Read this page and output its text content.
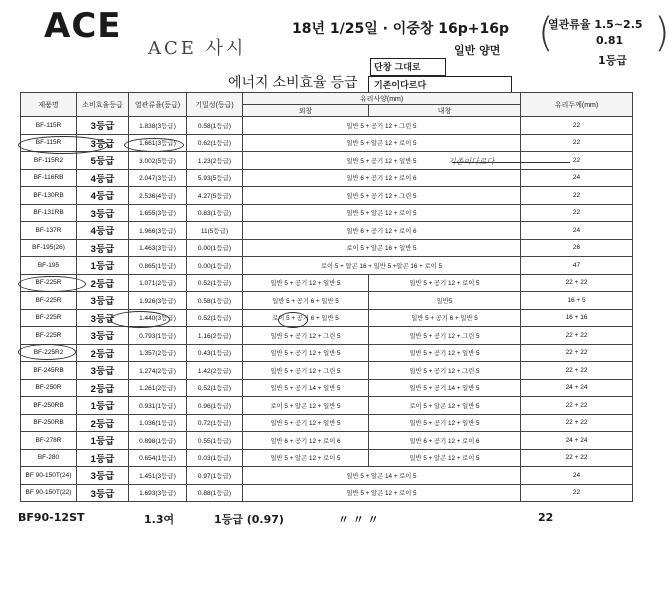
ACE
ACE 사시
18년 1/25일 · 이중창 16p+16p
일반 양면 (	)
열관류율 1.5~2.5
0.81
1등급
에너지 소비효율 등급
단창 그대로
기존이다르다
제품명	소비효율등급	열관류율(등급)	기밀성(등급)	유리사양(mm)		유리두께(mm)
				외창	내창	
BF-115R	3등급	1.838(3등급)	0.58(1등급)	일반 5 + 공기 12 + 그린 5		22
BF-115R	3등급	1.661(3등급)	0.62(1등급)	일반 5 + 알곤 12 + 로이 5		22
BF-115R2	5등급	3.002(5등급)	1.23(2등급)	일반 5 + 공기 12 + 일반 5		22
BF-116RB	4등급	2.047(3등급)	5.93(5등급)	일반 6 + 공기 12 + 로이 6		24
BF-130RB	4등급	2.536(4등급)	4.27(5등급)	일반 5 + 공기 12 + 그린 5		22
BF-131RB	3등급	1.655(3등급)	0.83(1등급)	일반 5 + 알곤 12 + 로이 5		22
BF-137R	4등급	1.966(3등급)	11(5등급)	일반 6 + 공기 12 + 로이 6		24
BF-195(26)	3등급	1.463(3등급)	0.00(1등급)	로이 5 + 알곤 16 + 일반 5		26
BF-195	1등급	0.865(1등급)	0.00(1등급)	로이 5 + 알곤 16 + 일반 5 +알곤 16 + 로이 5		47
BF-225R	2등급	1.071(2등급)	0.52(1등급)	일반 5 + 공기 12 + 일반 5	일반 5 + 공기 12 + 로이 5	22 + 22
BF-225R	3등급	1.926(3등급)	0.58(1등급)	일반 5 + 공기 6 + 일반 5	일반5	16 + 5
BF-225R	3등급	1.440(3등급)	0.52(1등급)	로이 5 + 공기 6 + 일반 5	일반 5 + 공기 6 + 일반 5	16 + 16
BF-225R	3등급	0.793(1등급)	1.16(2등급)	일반 5 + 공기 12 + 그린 5	일반 5 + 공기 12 + 그린 5	22 + 22
BF-225R2	2등급	1.357(2등급)	0.43(1등급)	일반 5 + 공기 12 + 일반 5	일반 5 + 공기 12 + 일반 5	22 + 22
BF-245RB	3등급	1.274(2등급)	1.42(2등급)	일반 5 + 공기 12 + 그린 5	일반 5 + 공기 12 + 그린 5	22 + 22
BF-250R	2등급	1.261(2등급)	0.52(1등급)	일반 5 + 공기 14 + 일반 5	일반 5 + 공기 14 + 일반 5	24 + 24
BF-250RB	1등급	0.931(1등급)	0.96(1등급)	로이 5 + 알곤 12 + 일반 5	로이 5 + 알곤 12 + 일반 5	22 + 22
BF-250RB	2등급	1.036(1등급)	0.72(1등급)	일반 5 + 공기 12 + 일반 5	일반 5 + 공기 12 + 일반 5	22 + 22
BF-278R	1등급	0.898(1등급)	0.55(1등급)	일반 6 + 공기 12 + 로이 6	일반 6 + 공기 12 + 로이 6	24 + 24
BF-280	1등급	0.654(1등급)	0.03(1등급)	일반 5 + 알곤 12 + 로이 5	일반 5 + 알곤 12 + 로이 5	22 + 22
BF 90-150T(24)	3등급	1.451(3등급)	0.97(1등급)	일반 5 + 알곤 14 + 로이 5		24
BF 90-150T(22)	3등급	1.693(3등급)	0.88(1등급)	일반 5 + 알곤 12 + 로이 5		22
기존이다르다
BF90-12ST	1.3여	1등급 (0.97)	〃 〃 〃	22
